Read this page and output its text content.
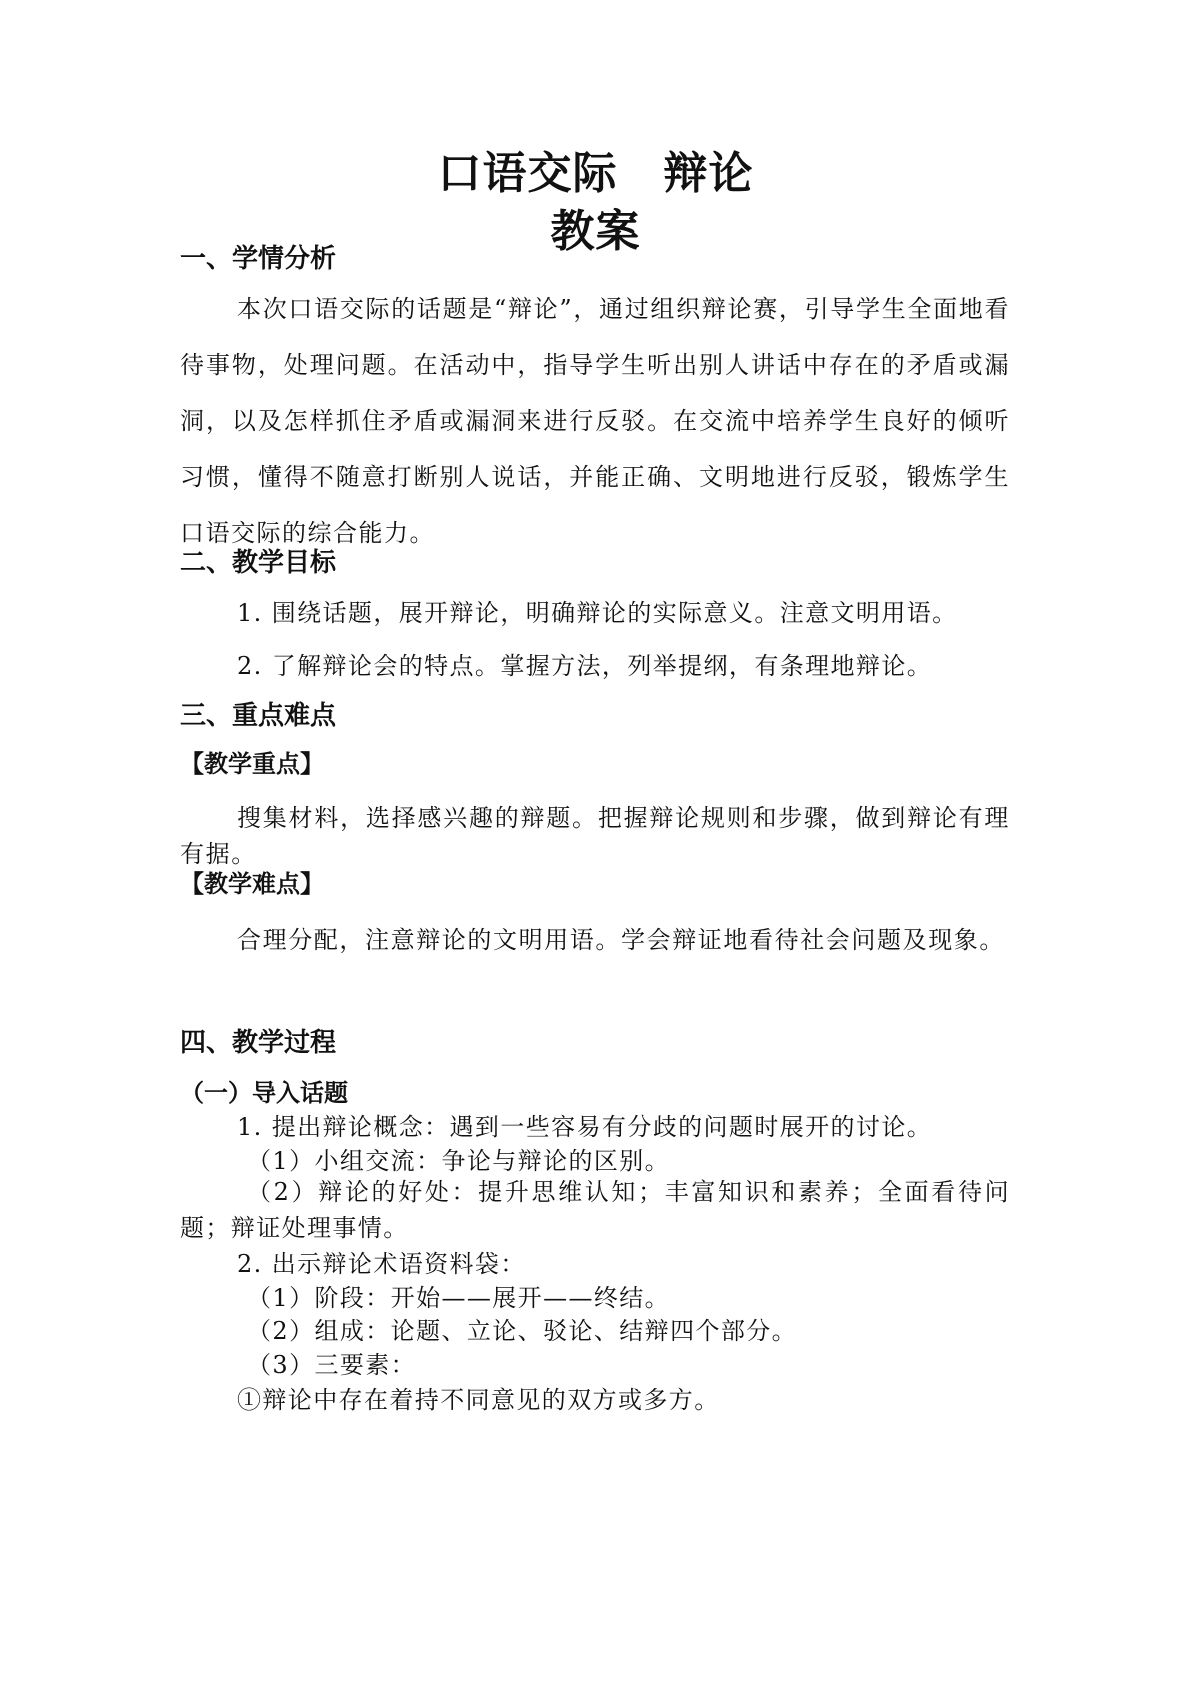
口语交际 辩论
教案
一、学情分析

本次口语交际的话题是“辩论”，通过组织辩论赛，引导学生全面地看待事物，处理问题。在活动中，指导学生听出别人讲话中存在的矛盾或漏洞，以及怎样抓住矛盾或漏洞来进行反驳。在交流中培养学生良好的倾听习惯，懂得不随意打断别人说话，并能正确、文明地进行反驳，锻炼学生口语交际的综合能力。

二、教学目标
1. 围绕话题，展开辩论，明确辩论的实际意义。注意文明用语。
2. 了解辩论会的特点。掌握方法，列举提纲，有条理地辩论。
三、重点难点
【教学重点】

搜集材料，选择感兴趣的辩题。把握辩论规则和步骤，做到辩论有理有据。

【教学难点】

合理分配，注意辩论的文明用语。学会辩证地看待社会问题及现象。

四、教学过程
（一）导入话题
1. 提出辩论概念：遇到一些容易有分歧的问题时展开的讨论。
（1）小组交流：争论与辩论的区别。

（2）辩论的好处：提升思维认知；丰富知识和素养；全面看待问题；辩证处理事情。

2. 出示辩论术语资料袋：
（1）阶段：开始——展开——终结。
（2）组成：论题、立论、驳论、结辩四个部分。
（3）三要素：
①辩论中存在着持不同意见的双方或多方。
